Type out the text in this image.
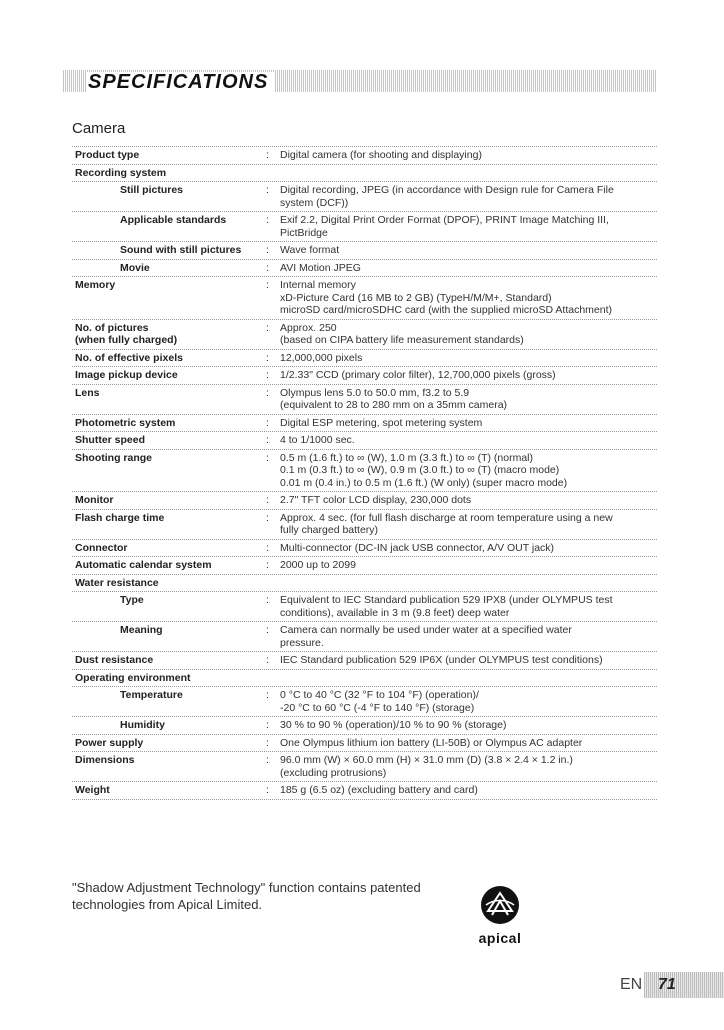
SPECIFICATIONS
Camera
Product type	: Digital camera (for shooting and displaying)
Recording system

Still pictures	: Digital recording, JPEG (in accordance with Design rule for Camera File
system (DCF))
Applicable standards	: Exif 2.2, Digital Print Order Format (DPOF), PRINT Image Matching III,
PictBridge
Sound with still pictures : Wave format
Movie	: AVI Motion JPEG
Memory	: Internal memory
xD-Picture Card (16 MB to 2 GB) (TypeH/M/M+, Standard)
microSD card/microSDHC card (with the supplied microSD Attachment)
No. of pictures
(when fully charged)
: Approx. 250
(based on CIPA battery life measurement standards)
No. of effective pixels	: 12,000,000 pixels
Image pickup device	: 1/2.33" CCD (primary color filter), 12,700,000 pixels (gross)
Lens	: Olympus lens 5.0 to 50.0 mm, f3.2 to 5.9
(equivalent to 28 to 280 mm on a 35mm camera)
Photometric system	: Digital ESP metering, spot metering system
Shutter speed	: 4 to 1/1000 sec.
Shooting range	: 0.5 m (1.6 ft.) to ∞ (W), 1.0 m (3.3 ft.) to ∞ (T) (normal)
0.1 m (0.3 ft.) to ∞ (W), 0.9 m (3.0 ft.) to ∞ (T) (macro mode)
0.01 m (0.4 in.) to 0.5 m (1.6 ft.) (W only) (super macro mode)
Monitor	: 2.7" TFT color LCD display, 230,000 dots
Flash charge time	: Approx. 4 sec. (for full flash discharge at room temperature using a new
fully charged battery)
Connector	: Multi-connector (DC-IN jack USB connector, A/V OUT jack)
Automatic calendar system	: 2000 up to 2099
Water resistance

Type	: Equivalent to IEC Standard publication 529 IPX8 (under OLYMPUS test
conditions), available in 3 m (9.8 feet) deep water
Meaning	: Camera can normally be used under water at a specified water
pressure.
Dust resistance	: IEC Standard publication 529 IP6X (under OLYMPUS test conditions)
Operating environment

Temperature	: 0 °C to 40 °C (32 °F to 104 °F) (operation)/
-20 °C to 60 °C (-4 °F to 140 °F) (storage)
Humidity	: 30 % to 90 % (operation)/10 % to 90 % (storage)
Power supply	: One Olympus lithium ion battery (LI-50B) or Olympus AC adapter
Dimensions	: 96.0 mm (W) × 60.0 mm (H) × 31.0 mm (D) (3.8 × 2.4 × 1.2 in.)
(excluding protrusions)
Weight	: 185 g (6.5 oz) (excluding battery and card)
"Shadow Adjustment Technology" function contains patented
technologies from Apical Limited.
apical
EN 71
